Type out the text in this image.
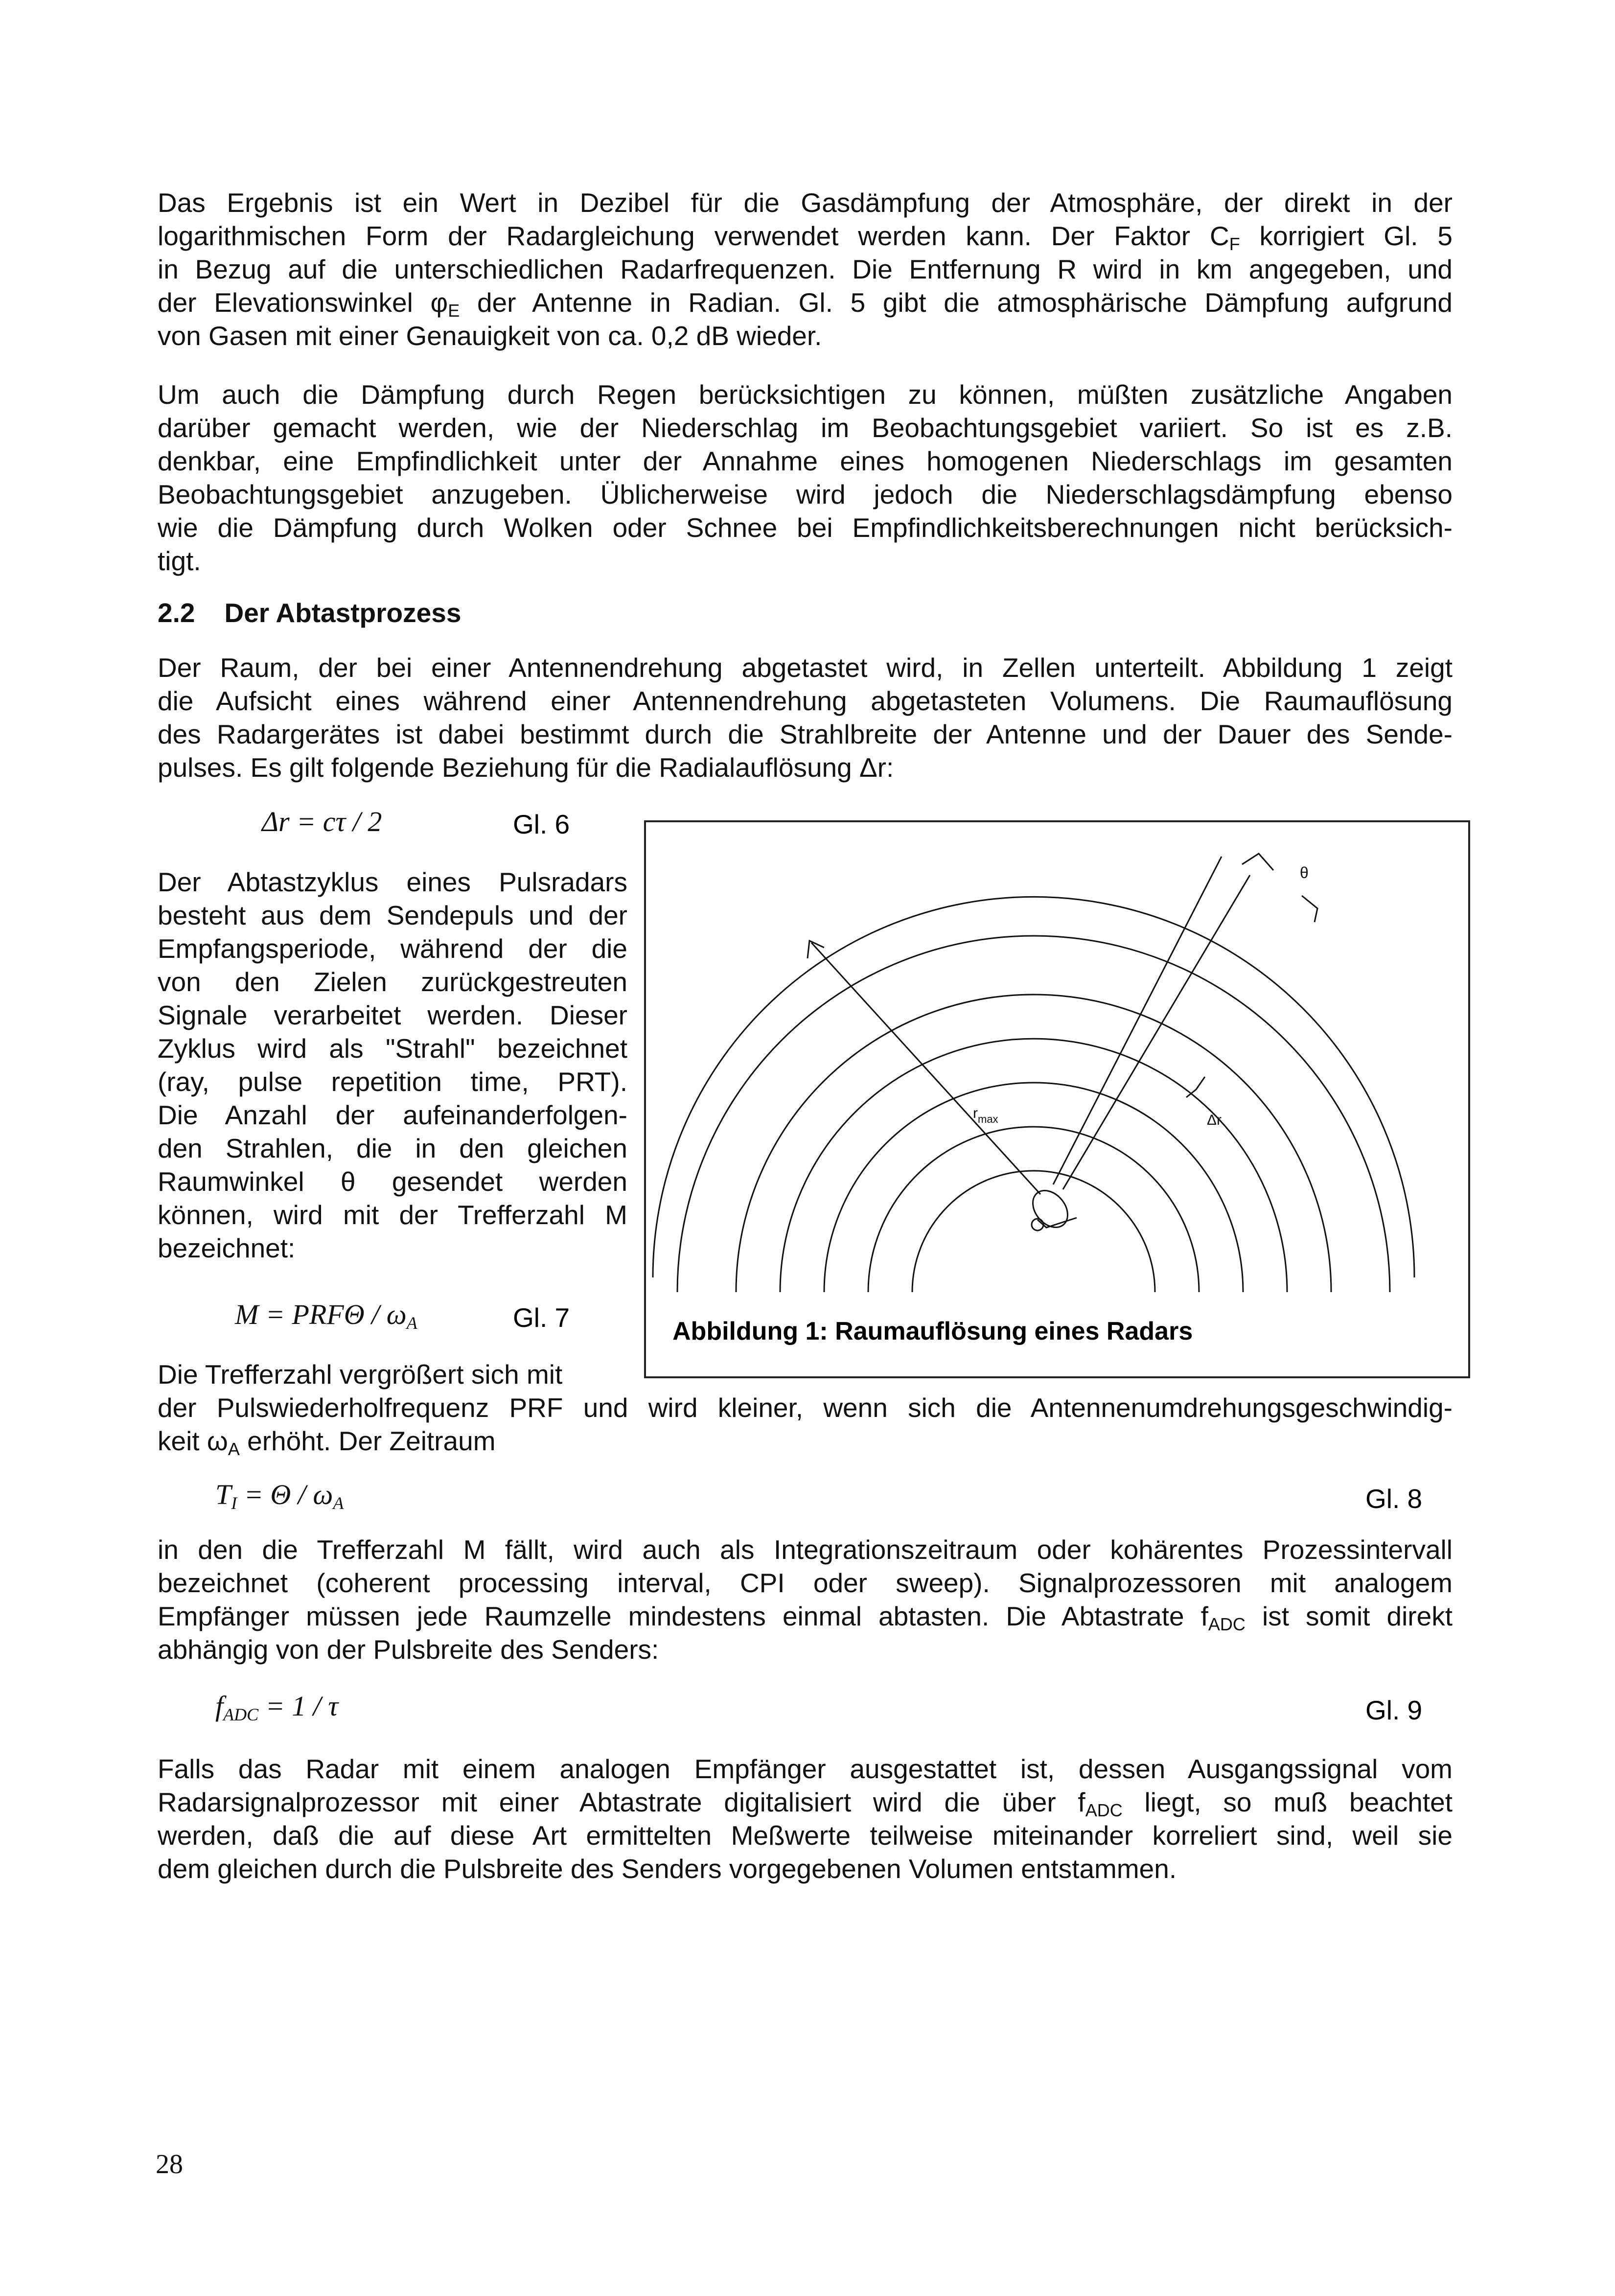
Das Ergebnis ist ein Wert in Dezibel für die Gasdämpfung der Atmosphäre, der direkt in der
logarithmischen Form der Radargleichung verwendet werden kann. Der Faktor $C_F$ korrigiert Gl. 5
in Bezug auf die unterschiedlichen Radarfrequenzen. Die Entfernung R wird in km angegeben, und
der Elevationswinkel $\varphi_E$ der Antenne in Radian. Gl. 5 gibt die atmosphärische Dämpfung aufgrund
von Gasen mit einer Genauigkeit von ca. 0,2 dB wieder.
Um auch die Dämpfung durch Regen berücksichtigen zu können, müßten zusätzliche Angaben
darüber gemacht werden, wie der Niederschlag im Beobachtungsgebiet variiert. So ist es z.B.
denkbar, eine Empfindlichkeit unter der Annahme eines homogenen Niederschlags im gesamten
Beobachtungsgebiet anzugeben. Üblicherweise wird jedoch die Niederschlagsdämpfung ebenso
wie die Dämpfung durch Wolken oder Schnee bei Empfindlichkeitsberechnungen nicht berücksich-
tigt.
2.2 Der Abtastprozess
Der Raum, der bei einer Antennendrehung abgetastet wird, in Zellen unterteilt. Abbildung 1 zeigt
die Aufsicht eines während einer Antennendrehung abgetasteten Volumens. Die Raumauflösung
des Radargerätes ist dabei bestimmt durch die Strahlbreite der Antenne und der Dauer des Sende-
pulses. Es gilt folgende Beziehung für die Radialauflösung Δr:
Δr = cτ / 2	Gl. 6
Der Abtastzyklus eines Pulsradars
besteht aus dem Sendepuls und der
Empfangsperiode, während der die
von den Zielen zurückgestreuten
Signale verarbeitet werden. Dieser
Zyklus wird als "Strahl" bezeichnet
(ray, pulse repetition time, PRT).
Die Anzahl der aufeinanderfolgen-
den Strahlen, die in den gleichen
Raumwinkel θ gesendet werden
können, wird mit der Trefferzahl M
bezeichnet:
$M = PRF\Theta / \omega_A$	Gl. 7
Die Trefferzahl vergrößert sich mit
der Pulswiederholfrequenz PRF und wird kleiner, wenn sich die Antennenumdrehungsgeschwindig-
keit $\omega_A$ erhöht. Der Zeitraum
$T_I = \Theta / \omega_A$	Gl. 8
in den die Trefferzahl M fällt, wird auch als Integrationszeitraum oder kohärentes Prozessintervall
bezeichnet (coherent processing interval, CPI oder sweep). Signalprozessoren mit analogem
Empfänger müssen jede Raumzelle mindestens einmal abtasten. Die Abtastrate $f_{ADC}$ ist somit direkt
abhängig von der Pulsbreite des Senders:
$f_{ADC} = 1 / \tau$	Gl. 9
Falls das Radar mit einem analogen Empfänger ausgestattet ist, dessen Ausgangssignal vom
Radarsignalprozessor mit einer Abtastrate digitalisiert wird die über $f_{ADC}$ liegt, so muß beachtet
werden, daß die auf diese Art ermittelten Meßwerte teilweise miteinander korreliert sind, weil sie
dem gleichen durch die Pulsbreite des Senders vorgegebenen Volumen entstammen.
θ
$r_{max}$	Δr
Abbildung 1: Raumauflösung eines Radars
28
